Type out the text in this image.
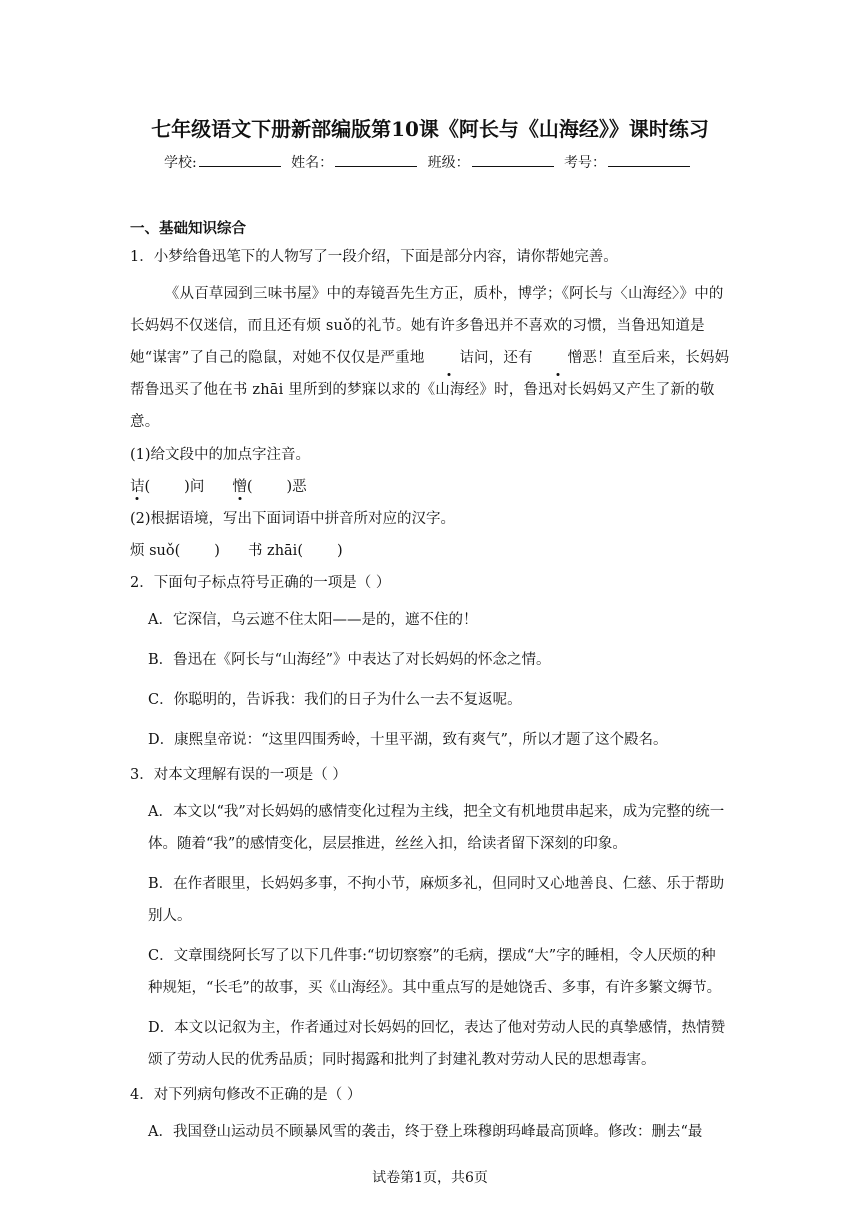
七年级语文下册新部编版第10课《阿长与《山海经》》课时练习
学校:	姓名：	班级：	考号：
一、基础知识综合
1．小梦给鲁迅笔下的人物写了一段介绍，下面是部分内容，请你帮她完善。
《从百草园到三味书屋》中的寿镜吾先生方正，质朴，博学；《阿长与〈山海经〉》中的长妈妈不仅迷信，而且还有烦 suǒ的礼节。她有许多鲁迅并不喜欢的习惯，当鲁迅知道是她“谋害”了自己的隐鼠，对她不仅仅是严重地 诘问，还有 憎恶！直至后来，长妈妈帮鲁迅买了他在书 zhāi 里所到的梦寐以求的《山海经》时，鲁迅对长妈妈又产生了新的敬意。
(1)给文段中的加点字注音。
诘 ( )问 憎 ( )恶
(2)根据语境，写出下面词语中拼音所对应的汉字。
烦 suǒ( ) 书 zhāi( )
2．下面句子标点符号正确的一项是（ ）
A．它深信，乌云遮不住太阳——是的，遮不住的！
B．鲁迅在《阿长与“山海经”》中表达了对长妈妈的怀念之情。
C．你聪明的，告诉我：我们的日子为什么一去不复返呢。
D．康熙皇帝说：“这里四围秀岭，十里平湖，致有爽气”，所以才题了这个殿名。
3．对本文理解有误的一项是（ ）
A．本文以“我”对长妈妈的感情变化过程为主线，把全文有机地贯串起来，成为完整的统一体。随着“我”的感情变化，层层推进，丝丝入扣，给读者留下深刻的印象。
B．在作者眼里，长妈妈多事，不拘小节，麻烦多礼，但同时又心地善良、仁慈、乐于帮助别人。
C．文章围绕阿长写了以下几件事:“切切察察”的毛病，摆成“大”字的睡相，令人厌烦的种种规矩，“长毛”的故事，买《山海经》。其中重点写的是她饶舌、多事，有许多繁文缛节。
D．本文以记叙为主，作者通过对长妈妈的回忆，表达了他对劳动人民的真挚感情，热情赞颂了劳动人民的优秀品质；同时揭露和批判了封建礼教对劳动人民的思想毒害。
4．对下列病句修改不正确的是（ ）
A．我国登山运动员不顾暴风雪的袭击，终于登上珠穆朗玛峰最高顶峰。修改：删去“最
试卷第1页，共6页
